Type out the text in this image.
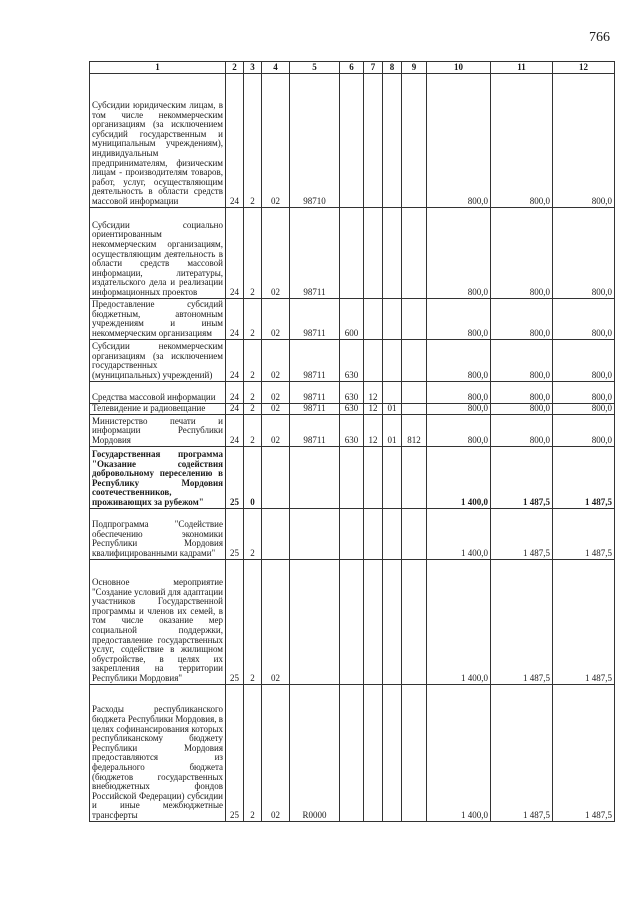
766
1	2	3	4	5	6	7	8	9	10	11	12
Субсидии юридическим лицам, в том числе некоммерческим организациям (за исключением субсидий государственным и муниципальным учреждениям), индивидуальным предпринимателям, физическим лицам - производителям товаров, работ, услуг, осуществляющим деятельность в области средств массовой информации	24	2	02	98710					800,0	800,0	800,0
Субсидии социально ориентированным некоммерческим организациям, осуществляющим деятельность в области средств массовой информации, литературы, издательского дела и реализации информационных проектов	24	2	02	98711					800,0	800,0	800,0
Предоставление субсидий бюджетным, автономным учреждениям и иным некоммерческим организациям	24	2	02	98711	600				800,0	800,0	800,0
Субсидии некоммерческим организациям (за исключением государственных (муниципальных) учреждений)	24	2	02	98711	630				800,0	800,0	800,0
Средства массовой информации	24	2	02	98711	630	12			800,0	800,0	800,0
Телевидение и радиовещание	24	2	02	98711	630	12	01		800,0	800,0	800,0
Министерство печати и информации Республики Мордовия	24	2	02	98711	630	12	01	812	800,0	800,0	800,0
Государственная программа "Оказание содействия добровольному переселению в Республику Мордовия соотечественников, проживающих за рубежом"	25	0							1 400,0	1 487,5	1 487,5
Подпрограмма "Содействие обеспечению экономики Республики Мордовия квалифицированными кадрами"	25	2							1 400,0	1 487,5	1 487,5
Основное мероприятие "Создание условий для адаптации участников Государственной программы и членов их семей, в том числе оказание мер социальной поддержки, предоставление государственных услуг, содействие в жилищном обустройстве, в целях их закрепления на территории Республики Мордовия"	25	2	02						1 400,0	1 487,5	1 487,5
Расходы республиканского бюджета Республики Мордовия, в целях софинансирования которых республиканскому бюджету Республики Мордовия предоставляются из федерального бюджета (бюджетов государственных внебюджетных фондов Российской Федерации) субсидии и иные межбюджетные трансферты	25	2	02	R0000					1 400,0	1 487,5	1 487,5
